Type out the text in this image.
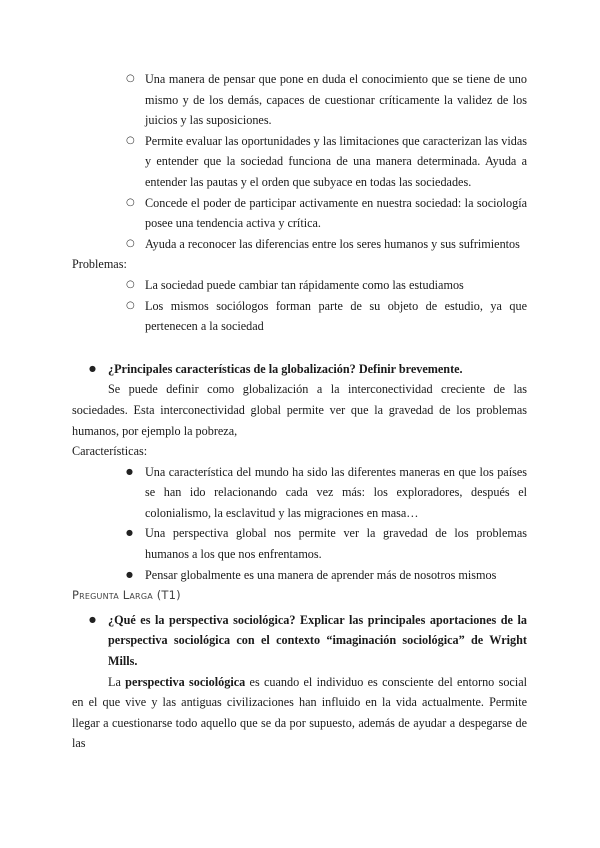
○ Una manera de pensar que pone en duda el conocimiento que se tiene de uno mismo y de los demás, capaces de cuestionar críticamente la validez de los juicios y las suposiciones.
○ Permite evaluar las oportunidades y las limitaciones que caracterizan las vidas y entender que la sociedad funciona de una manera determinada. Ayuda a entender las pautas y el orden que subyace en todas las sociedades.
○ Concede el poder de participar activamente en nuestra sociedad: la sociología posee una tendencia activa y crítica.
○ Ayuda a reconocer las diferencias entre los seres humanos y sus sufrimientos
Problemas:
○ La sociedad puede cambiar tan rápidamente como las estudiamos
○ Los mismos sociólogos forman parte de su objeto de estudio, ya que pertenecen a la sociedad
● ¿Principales características de la globalización? Definir brevemente.
Se puede definir como globalización a la interconectividad creciente de las sociedades. Esta interconectividad global permite ver que la gravedad de los problemas humanos, por ejemplo la pobreza,
Características:
● Una característica del mundo ha sido las diferentes maneras en que los países se han ido relacionando cada vez más: los exploradores, después el colonialismo, la esclavitud y las migraciones en masa…
● Una perspectiva global nos permite ver la gravedad de los problemas humanos a los que nos enfrentamos.
● Pensar globalmente es una manera de aprender más de nosotros mismos
Pregunta Larga (T1)
● ¿Qué es la perspectiva sociológica? Explicar las principales aportaciones de la perspectiva sociológica con el contexto “imaginación sociológica” de Wright Mills.
La perspectiva sociológica es cuando el individuo es consciente del entorno social en el que vive y las antiguas civilizaciones han influido en la vida actualmente. Permite llegar a cuestionarse todo aquello que se da por supuesto, además de ayudar a despegarse de las
